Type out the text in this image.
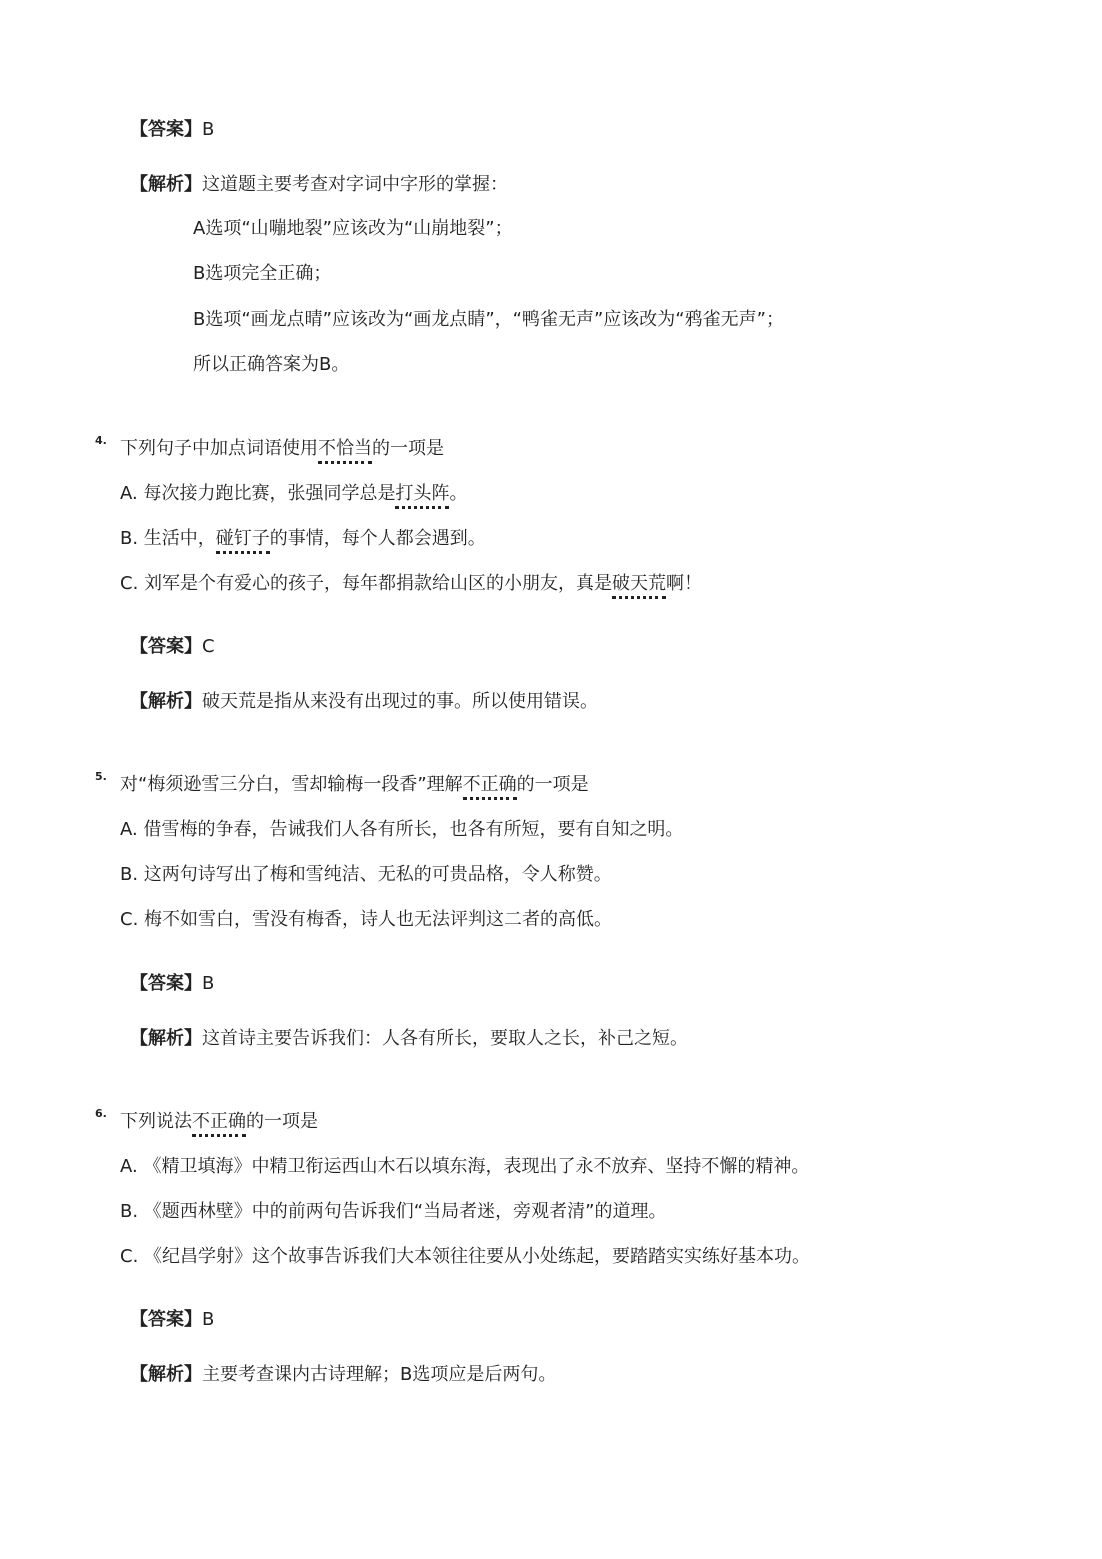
【答案】B
【解析】这道题主要考查对字词中字形的掌握：
A选项“山嘣地裂”应该改为“山崩地裂”；
B选项完全正确；
B选项“画龙点晴”应该改为“画龙点睛”，“鸭雀无声”应该改为“鸦雀无声”；
所以正确答案为B。
4. 下列句子中加点词语使用不恰当的一项是
A. 每次接力跑比赛，张强同学总是打头阵。
B. 生活中，碰钉子的事情，每个人都会遇到。
C. 刘军是个有爱心的孩子，每年都捐款给山区的小朋友，真是破天荒啊！
【答案】C
【解析】破天荒是指从来没有出现过的事。所以使用错误。
5. 对“梅须逊雪三分白，雪却输梅一段香”理解不正确的一项是
A. 借雪梅的争春，告诫我们人各有所长，也各有所短，要有自知之明。
B. 这两句诗写出了梅和雪纯洁、无私的可贵品格，令人称赞。
C. 梅不如雪白，雪没有梅香，诗人也无法评判这二者的高低。
【答案】B
【解析】这首诗主要告诉我们：人各有所长，要取人之长，补己之短。
6. 下列说法不正确的一项是
A. 《精卫填海》中精卫衔运西山木石以填东海，表现出了永不放弃、坚持不懈的精神。
B. 《题西林壁》中的前两句告诉我们“当局者迷，旁观者清”的道理。
C. 《纪昌学射》这个故事告诉我们大本领往往要从小处练起，要踏踏实实练好基本功。
【答案】B
【解析】主要考查课内古诗理解；B选项应是后两句。
